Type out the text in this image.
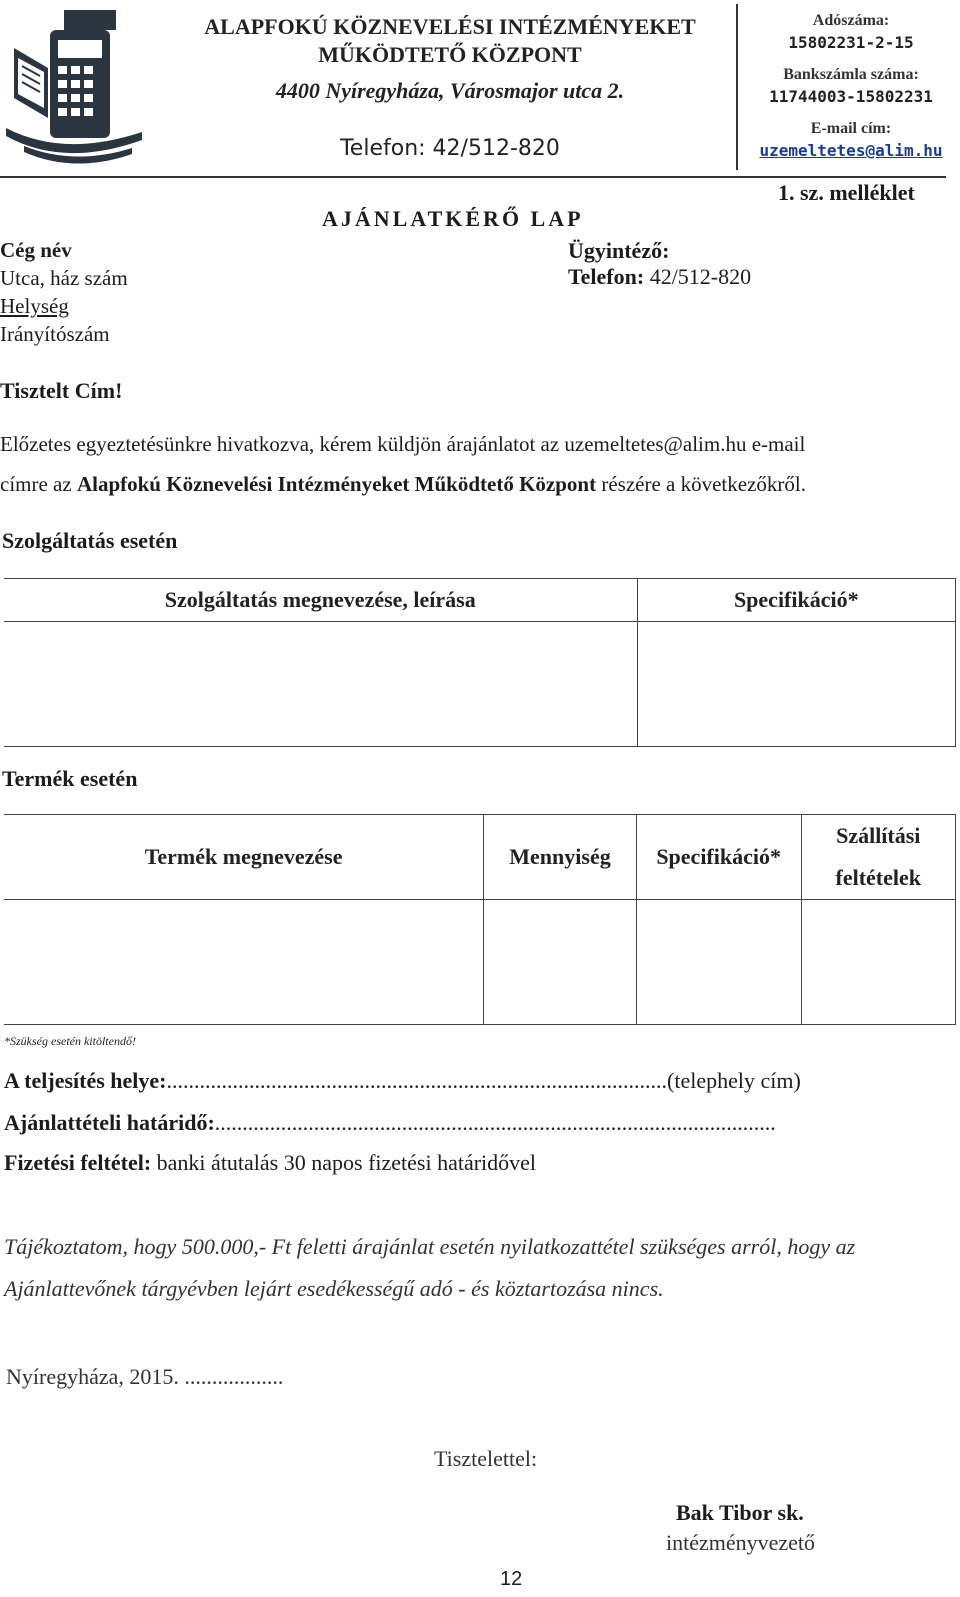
ALAPFOKÚ KÖZNEVELÉSI INTÉZMÉNYEKET
MŰKÖDTETŐ KÖZPONT
4400 Nyíregyháza, Városmajor utca 2.
Telefon: 42/512-820
Adószáma:
15802231-2-15
Bankszámla száma:
11744003-15802231
E-mail cím:
uzemeltetes@alim.hu
1. sz. melléklet
AJÁNLATKÉRŐ LAP
Cég név
Utca, ház szám
Helység
Irányítószám
Ügyintéző:
Telefon: 42/512-820
Tisztelt Cím!
Előzetes egyeztetésünkre hivatkozva, kérem küldjön árajánlatot az uzemeltetes@alim.hu e-mail
címre az Alapfokú Köznevelési Intézményeket Működtető Központ részére a következőkről.
Szolgáltatás esetén
Szolgáltatás megnevezése, leírása	Specifikáció*

Termék esetén
Termék megnevezése	Mennyiség	Specifikáció*	Szállítási feltételek

*Szükség esetén kitöltendő!
A teljesítés helye:...........................................................................................(telephely cím)
Ajánlattételi határidő:......................................................................................................
Fizetési feltétel: banki átutalás 30 napos fizetési határidővel
Tájékoztatom, hogy 500.000,- Ft feletti árajánlat esetén nyilatkozattétel szükséges arról, hogy az
Ajánlattevőnek tárgyévben lejárt esedékességű adó - és köztartozása nincs.
Nyíregyháza, 2015. ..................
Tisztelettel:
Bak Tibor sk.
intézményvezető
12
